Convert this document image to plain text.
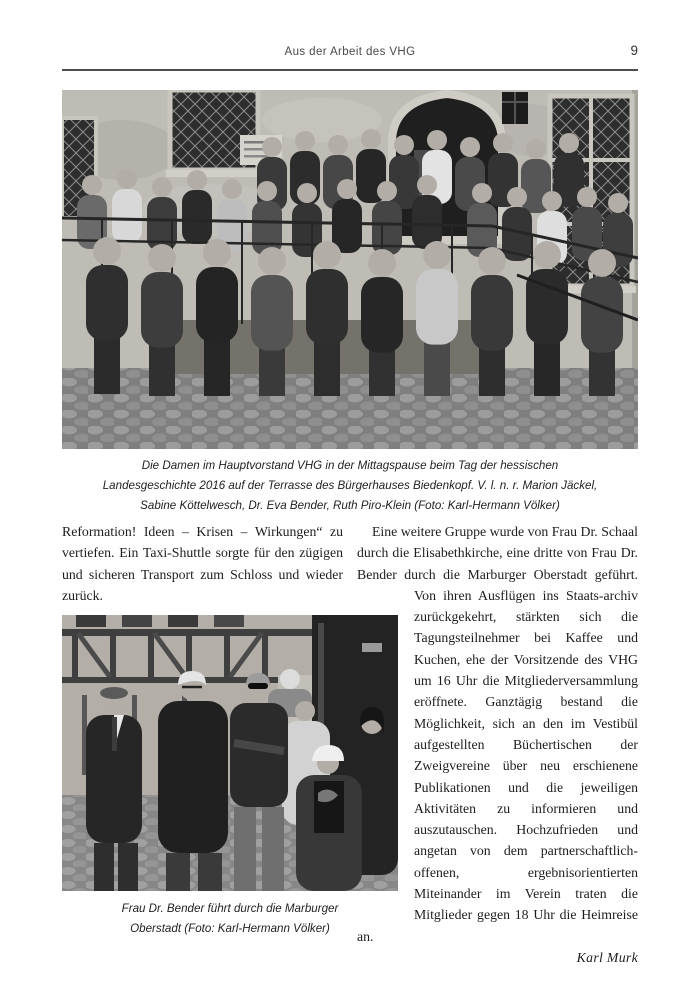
Aus der Arbeit des VHG	9
Die Damen im Hauptvorstand VHG in der Mittagspause beim Tag der hessischen
Landesgeschichte 2016 auf der Terrasse des Bürgerhauses Biedenkopf. V. l. n. r. Marion Jäckel,
Sabine Köttelwesch, Dr. Eva Bender, Ruth Piro-Klein (Foto: Karl-Hermann Völker)

Reformation! Ideen – Krisen – Wirkungen“ zu vertiefen. Ein Taxi-Shuttle sorgte für den zügigen und sicheren Transport zum Schloss und wieder zurück.

Eine weitere Gruppe wurde von Frau Dr. Schaal durch die Elisabethkirche, eine dritte von Frau Dr. Bender durch die Marburger Oberstadt geführt. Von ihren Ausflügen ins Staats-
archiv zurückgekehrt, stärkten sich die Tagungsteilnehmer bei Kaffee und Kuchen, ehe der Vorsitzende des VHG um 16 Uhr die Mitgliederversammlung eröffnete. Ganztägig bestand die Möglichkeit, sich an den im Vestibül aufgestellten Büchertischen der Zweigvereine über neu erschienene Publikationen und die jeweiligen Aktivitäten zu informieren und auszutauschen. Hochzufrieden und angetan von dem partnerschaftlich-offenen, ergebnisorientierten Miteinander im Verein traten die Mitglieder gegen 18 Uhr die Heimreise an.

Karl Murk
Frau Dr. Bender führt durch die Marburger
Oberstadt (Foto: Karl-Hermann Völker)
